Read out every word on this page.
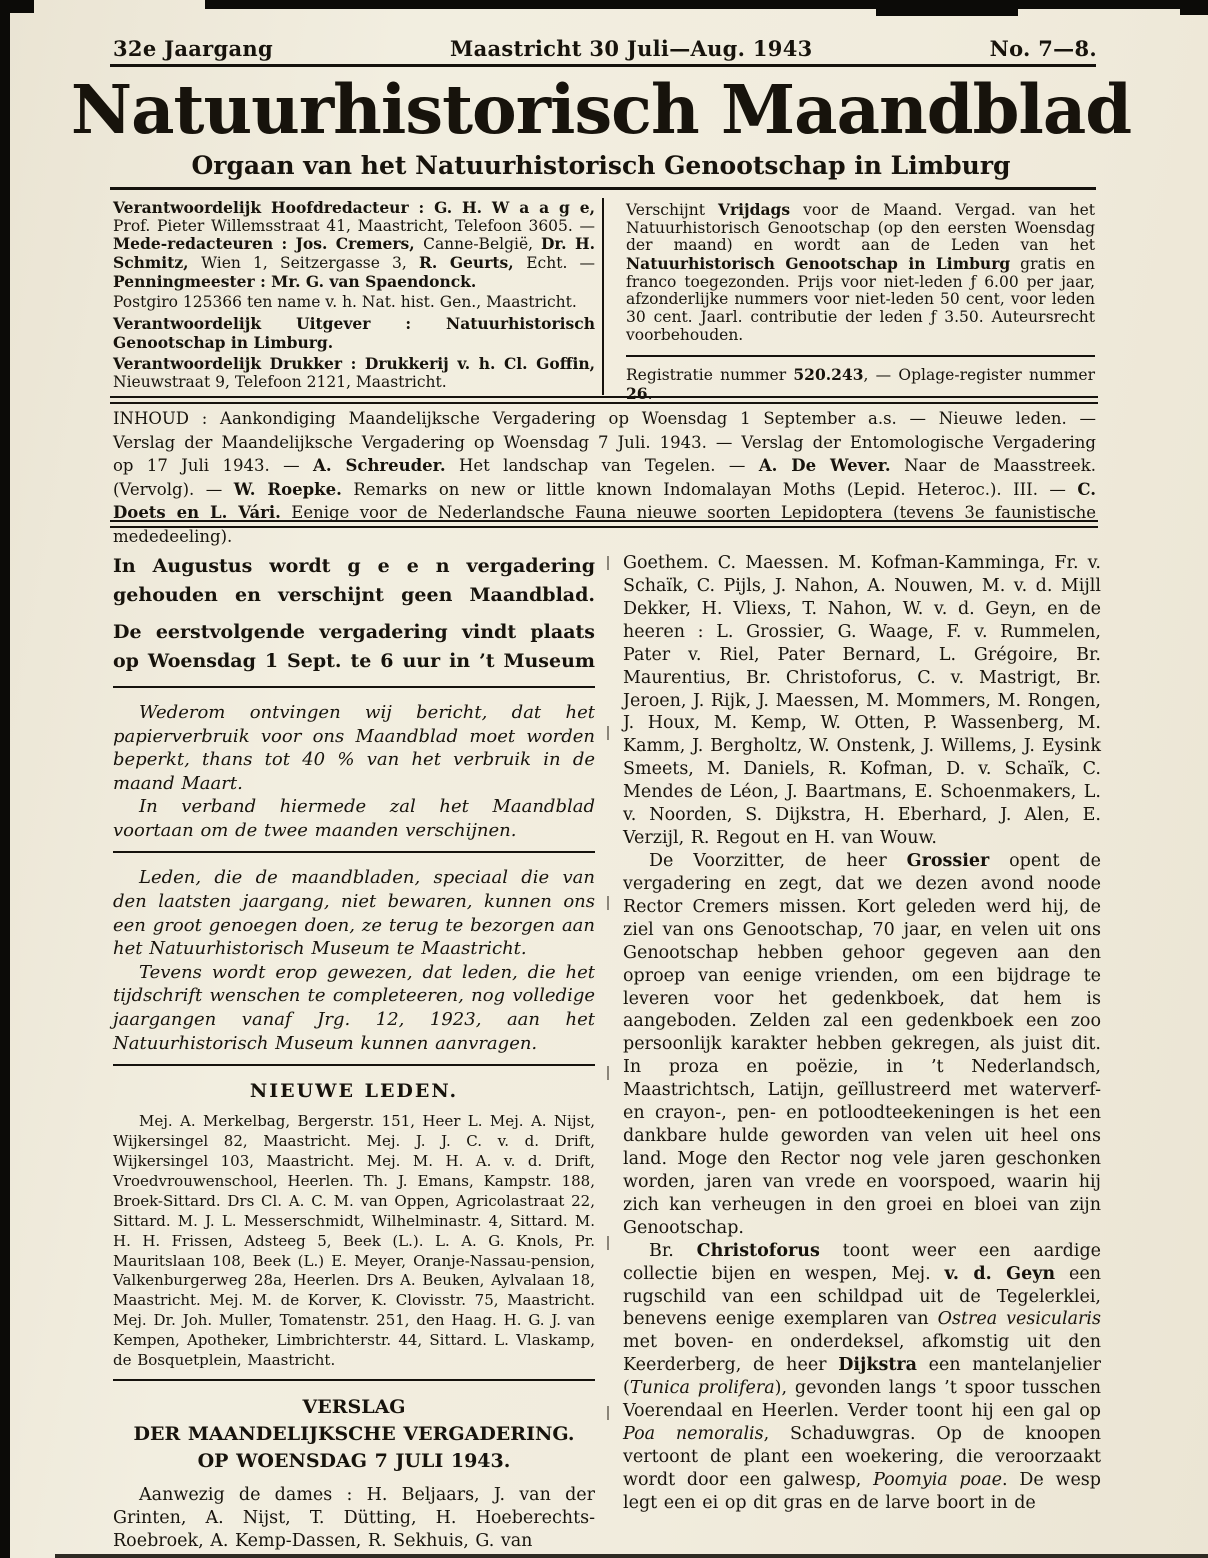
32e Jaargang	Maastricht 30 Juli—Aug. 1943	No. 7—8.
Natuurhistorisch Maandblad
Orgaan van het Natuurhistorisch Genootschap in Limburg

Verantwoordelijk Hoofdredacteur : G. H. W a a g e, Prof. Pieter Willemsstraat 41, Maastricht, Telefoon 3605. — Mede-redacteuren : Jos. Cremers, Canne-België, Dr. H. Schmitz, Wien 1, Seitzergasse 3, R. Geurts, Echt. — Penningmeester : Mr. G. van Spaendonck.

Postgiro 125366 ten name v. h. Nat. hist. Gen., Maastricht.

Verantwoordelijk Uitgever : Natuurhistorisch Genootschap in Limburg.

Verantwoordelijk Drukker : Drukkerij v. h. Cl. Goffin, Nieuwstraat 9, Telefoon 2121, Maastricht.

Verschijnt Vrijdags voor de Maand. Vergad. van het Natuurhistorisch Genootschap (op den eersten Woensdag der maand) en wordt aan de Leden van het Natuurhistorisch Genootschap in Limburg gratis en franco toegezonden. Prijs voor niet-leden ƒ 6.00 per jaar, afzonderlijke nummers voor niet-leden 50 cent, voor leden 30 cent. Jaarl. contributie der leden ƒ 3.50. Auteursrecht voorbehouden.

Registratie nummer 520.243, — Oplage-register nummer 26.

INHOUD : Aankondiging Maandelijksche Vergadering op Woensdag 1 September a.s. — Nieuwe leden. — Verslag der Maandelijksche Vergadering op Woensdag 7 Juli. 1943. — Verslag der Entomologische Vergadering op 17 Juli 1943. — A. Schreuder. Het landschap van Tegelen. — A. De Wever. Naar de Maasstreek. (Vervolg). — W. Roepke. Remarks on new or little known Indomalayan Moths (Lepid. Heteroc.). III. — C. Doets en L. Vári. Eenige voor de Nederlandsche Fauna nieuwe soorten Lepidoptera (tevens 3e faunistische mededeeling).

In Augustus wordt g e e n vergadering gehouden en verschijnt geen Maandblad.

De eerstvolgende vergadering vindt plaats op Woensdag 1 Sept. te 6 uur in ’t Museum

Wederom ontvingen wij bericht, dat het papierverbruik voor ons Maandblad moet worden beperkt, thans tot 40 % van het verbruik in de maand Maart.

In verband hiermede zal het Maandblad voortaan om de twee maanden verschijnen.

Leden, die de maandbladen, speciaal die van den laatsten jaargang, niet bewaren, kunnen ons een groot genoegen doen, ze terug te bezorgen aan het Natuurhistorisch Museum te Maastricht.

Tevens wordt erop gewezen, dat leden, die het tijdschrift wenschen te completeeren, nog volledige jaargangen vanaf Jrg. 12, 1923, aan het Natuurhistorisch Museum kunnen aanvragen.

NIEUWE LEDEN.

Mej. A. Merkelbag, Bergerstr. 151, Heer L. Mej. A. Nijst, Wijkersingel 82, Maastricht. Mej. J. J. C. v. d. Drift, Wijkersingel 103, Maastricht. Mej. M. H. A. v. d. Drift, Vroedvrouwenschool, Heerlen. Th. J. Emans, Kampstr. 188, Broek-Sittard. Drs Cl. A. C. M. van Oppen, Agricolastraat 22, Sittard. M. J. L. Messerschmidt, Wilhelminastr. 4, Sittard. M. H. H. Frissen, Adsteeg 5, Beek (L.). L. A. G. Knols, Pr. Mauritslaan 108, Beek (L.) E. Meyer, Oranje-Nassau-pension, Valkenburgerweg 28a, Heerlen. Drs A. Beuken, Aylvalaan 18, Maastricht. Mej. M. de Korver, K. Clovisstr. 75, Maastricht. Mej. Dr. Joh. Muller, Tomatenstr. 251, den Haag. H. G. J. van Kempen, Apotheker, Limbrichterstr. 44, Sittard. L. Vlaskamp, de Bosquetplein, Maastricht.

VERSLAG
DER MAANDELIJKSCHE VERGADERING.
OP WOENSDAG 7 JULI 1943.

Aanwezig de dames : H. Beljaars, J. van der Grinten, A. Nijst, T. Dütting, H. Hoeberechts-Roebroek, A. Kemp-Dassen, R. Sekhuis, G. van

Goethem. C. Maessen. M. Kofman-Kamminga, Fr. v. Schaïk, C. Pijls, J. Nahon, A. Nouwen, M. v. d. Mijll Dekker, H. Vliexs, T. Nahon, W. v. d. Geyn, en de heeren : L. Grossier, G. Waage, F. v. Rummelen, Pater v. Riel, Pater Bernard, L. Grégoire, Br. Maurentius, Br. Christoforus, C. v. Mastrigt, Br. Jeroen, J. Rijk, J. Maessen, M. Mommers, M. Rongen, J. Houx, M. Kemp, W. Otten, P. Wassenberg, M. Kamm, J. Bergholtz, W. Onstenk, J. Willems, J. Eysink Smeets, M. Daniels, R. Kofman, D. v. Schaïk, C. Mendes de Léon, J. Baartmans, E. Schoenmakers, L. v. Noorden, S. Dijkstra, H. Eberhard, J. Alen, E. Verzijl, R. Regout en H. van Wouw.

De Voorzitter, de heer Grossier opent de vergadering en zegt, dat we dezen avond noode Rector Cremers missen. Kort geleden werd hij, de ziel van ons Genootschap, 70 jaar, en velen uit ons Genootschap hebben gehoor gegeven aan den oproep van eenige vrienden, om een bijdrage te leveren voor het gedenkboek, dat hem is aangeboden. Zelden zal een gedenkboek een zoo persoonlijk karakter hebben gekregen, als juist dit. In proza en poëzie, in ’t Nederlandsch, Maastrichtsch, Latijn, geïllustreerd met waterverf- en crayon-, pen- en potloodteekeningen is het een dankbare hulde geworden van velen uit heel ons land. Moge den Rector nog vele jaren geschonken worden, jaren van vrede en voorspoed, waarin hij zich kan verheugen in den groei en bloei van zijn Genootschap.

Br. Christoforus toont weer een aardige collectie bijen en wespen, Mej. v. d. Geyn een rugschild van een schildpad uit de Tegelerklei, benevens eenige exemplaren van Ostrea vesicularis met boven- en onderdeksel, afkomstig uit den Keerderberg, de heer Dijkstra een mantelanjelier (Tunica prolifera), gevonden langs ’t spoor tusschen Voerendaal en Heerlen. Verder toont hij een gal op Poa nemoralis, Schaduwgras. Op de knoopen vertoont de plant een woekering, die veroorzaakt wordt door een galwesp, Poomyia poae. De wesp legt een ei op dit gras en de larve boort in de
